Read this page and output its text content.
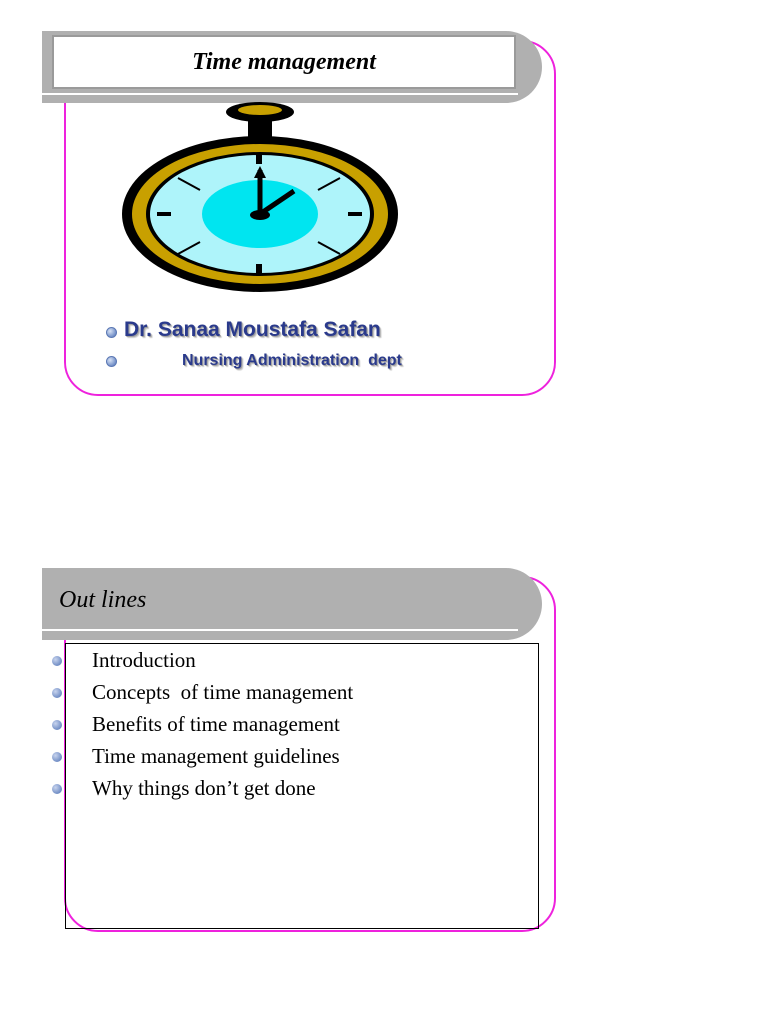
Time management
Dr. Sanaa Moustafa Safan
Nursing Administration  dept
Out lines
Introduction
Concepts  of time management
Benefits of time management
Time management guidelines
Why things don’t get done
